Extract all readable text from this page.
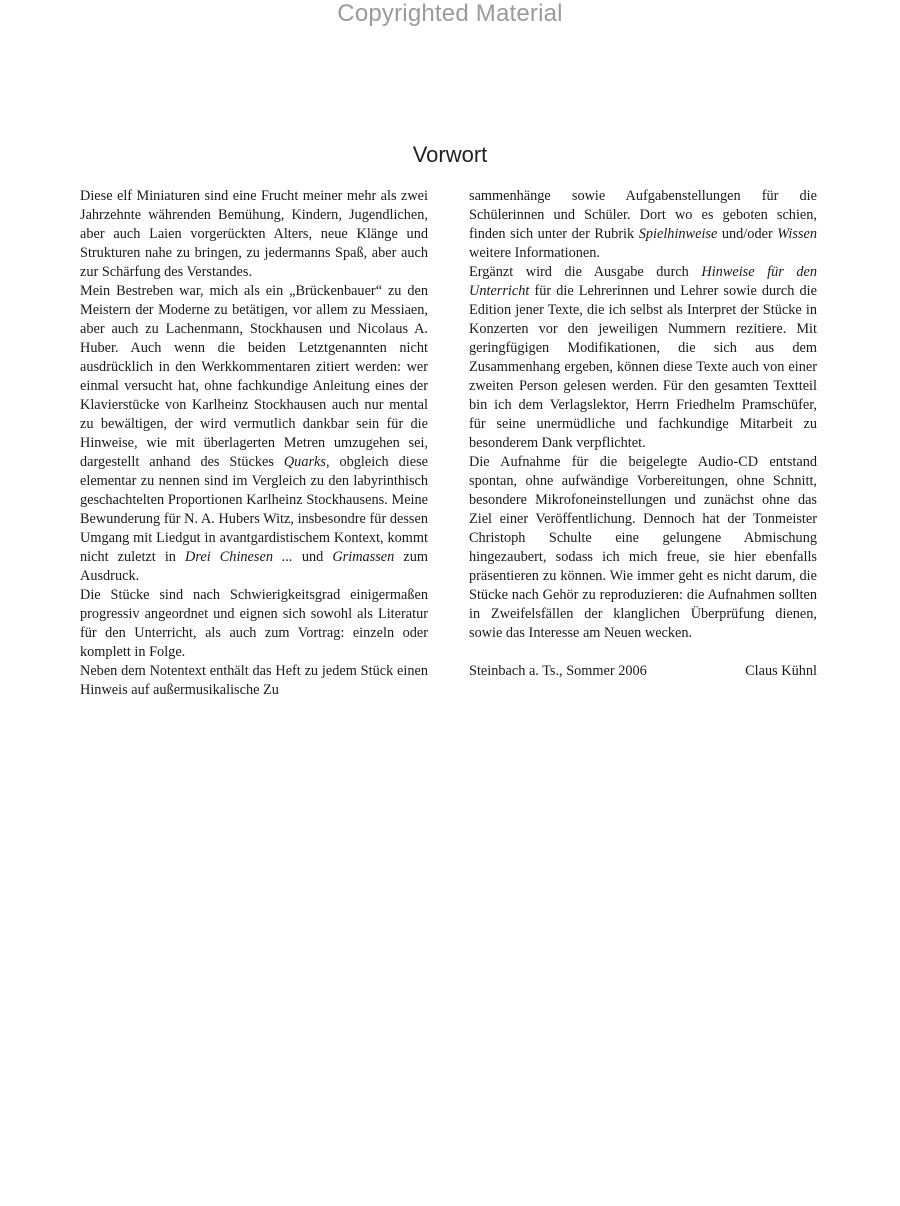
Copyrighted Material
Vorwort

Diese elf Miniaturen sind eine Frucht meiner mehr als zwei Jahrzehnte währenden Bemühung, Kindern, Jugendlichen, aber auch Laien vorgerückten Alters, neue Klänge und Strukturen nahe zu bringen, zu jedermanns Spaß, aber auch zur Schärfung des Verstandes.

Mein Bestreben war, mich als ein „Brückenbauer“ zu den Meistern der Moderne zu betätigen, vor allem zu Messiaen, aber auch zu Lachenmann, Stockhausen und Nicolaus A. Huber. Auch wenn die beiden Letztgenannten nicht ausdrücklich in den Werkkommentaren zitiert werden: wer einmal versucht hat, ohne fachkundige Anleitung eines der Klavierstücke von Karlheinz Stockhausen auch nur mental zu bewältigen, der wird vermutlich dankbar sein für die Hinweise, wie mit überlagerten Metren umzugehen sei, dargestellt anhand des Stückes Quarks, obgleich diese elementar zu nennen sind im Vergleich zu den labyrinthisch geschachtelten Proportionen Karlheinz Stockhausens. Meine Bewunderung für N. A. Hubers Witz, insbesondre für dessen Umgang mit Liedgut in avantgardistischem Kontext, kommt nicht zuletzt in Drei Chinesen ... und Grimassen zum Ausdruck.

Die Stücke sind nach Schwierigkeitsgrad einigermaßen progressiv angeordnet und eignen sich sowohl als Literatur für den Unterricht, als auch zum Vortrag: einzeln oder komplett in Folge.

Neben dem Notentext enthält das Heft zu jedem Stück einen Hinweis auf außermusikalische Zu

sammenhänge sowie Aufgabenstellungen für die Schülerinnen und Schüler. Dort wo es geboten schien, finden sich unter der Rubrik Spielhinweise und/oder Wissen weitere Informationen.

Ergänzt wird die Ausgabe durch Hinweise für den Unterricht für die Lehrerinnen und Lehrer sowie durch die Edition jener Texte, die ich selbst als Interpret der Stücke in Konzerten vor den jeweiligen Nummern rezitiere. Mit geringfügigen Modifikationen, die sich aus dem Zusammenhang ergeben, können diese Texte auch von einer zweiten Person gelesen werden. Für den gesamten Textteil bin ich dem Verlagslektor, Herrn Friedhelm Pramschüfer, für seine unermüdliche und fachkundige Mitarbeit zu besonderem Dank verpflichtet.

Die Aufnahme für die beigelegte Audio-CD entstand spontan, ohne aufwändige Vorbereitungen, ohne Schnitt, besondere Mikrofoneinstellungen und zunächst ohne das Ziel einer Veröffentlichung. Dennoch hat der Tonmeister Christoph Schulte eine gelungene Abmischung hingezaubert, sodass ich mich freue, sie hier ebenfalls präsentieren zu können. Wie immer geht es nicht darum, die Stücke nach Gehör zu reproduzieren: die Aufnahmen sollten in Zweifelsfällen der klanglichen Überprüfung dienen, sowie das Interesse am Neuen wecken.

Steinbach a. Ts., Sommer 2006	Claus Kühnl
